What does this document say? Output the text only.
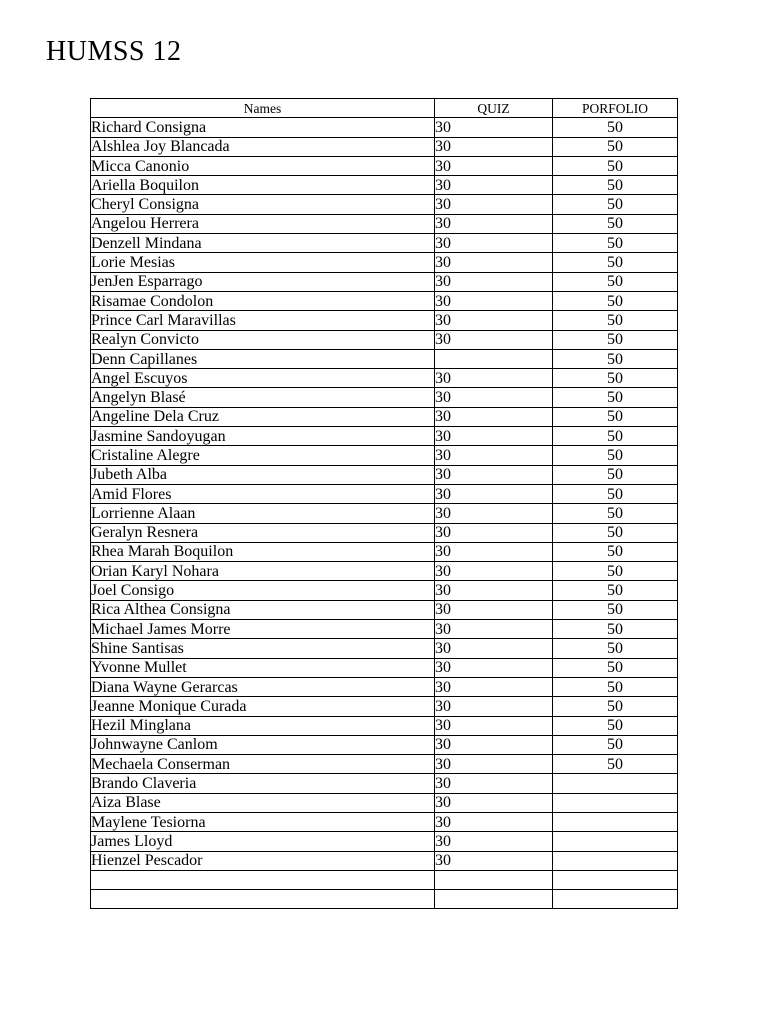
HUMSS 12
Names	QUIZ	PORFOLIO
Richard Consigna	30	50
Alshlea Joy Blancada	30	50
Micca Canonio	30	50
Ariella Boquilon	30	50
Cheryl Consigna	30	50
Angelou Herrera	30	50
Denzell Mindana	30	50
Lorie Mesias	30	50
JenJen Esparrago	30	50
Risamae Condolon	30	50
Prince Carl Maravillas	30	50
Realyn Convicto	30	50
Denn Capillanes		50
Angel Escuyos	30	50
Angelyn Blasé	30	50
Angeline Dela Cruz	30	50
Jasmine Sandoyugan	30	50
Cristaline Alegre	30	50
Jubeth Alba	30	50
Amid Flores	30	50
Lorrienne Alaan	30	50
Geralyn Resnera	30	50
Rhea Marah Boquilon	30	50
Orian Karyl Nohara	30	50
Joel Consigo	30	50
Rica Althea Consigna	30	50
Michael James Morre	30	50
Shine Santisas	30	50
Yvonne Mullet	30	50
Diana Wayne Gerarcas	30	50
Jeanne Monique Curada	30	50
Hezil Minglana	30	50
Johnwayne Canlom	30	50
Mechaela Conserman	30	50
Brando Claveria	30	
Aiza Blase	30	
Maylene Tesiorna	30	
James Lloyd	30	
Hienzel Pescador	30	
